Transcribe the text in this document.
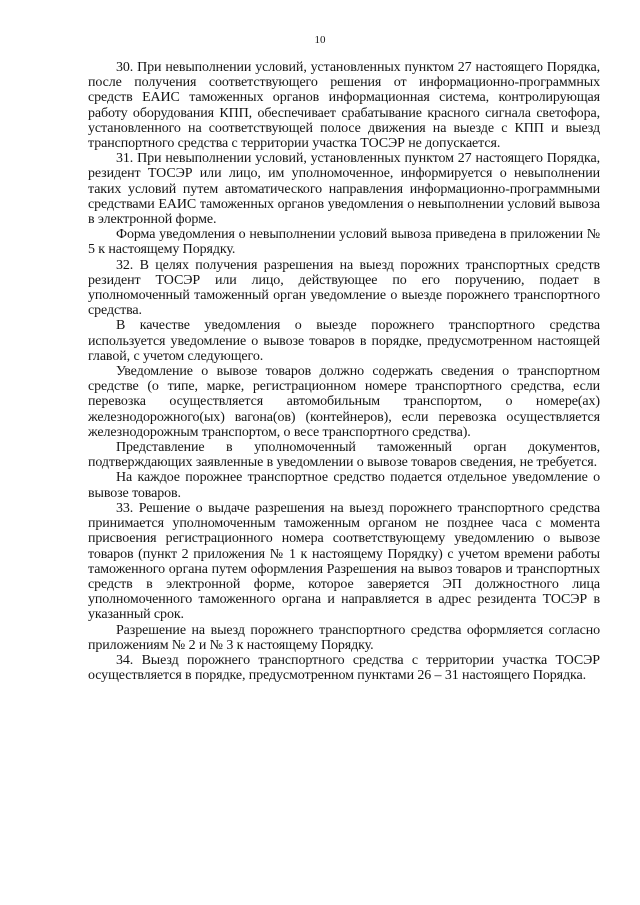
10

30. При невыполнении условий, установленных пунктом 27 настоящего Порядка, после получения соответствующего решения от информационно-программных средств ЕАИС таможенных органов информационная система, контролирующая работу оборудования КПП, обеспечивает срабатывание красного сигнала светофора, установленного на соответствующей полосе движения на выезде с КПП и выезд транспортного средства с территории участка ТОСЭР не допускается.

31. При невыполнении условий, установленных пунктом 27 настоящего Порядка, резидент ТОСЭР или лицо, им уполномоченное, информируется о невыполнении таких условий путем автоматического направления информационно-программными средствами ЕАИС таможенных органов уведомления о невыполнении условий вывоза в электронной форме.

Форма уведомления о невыполнении условий вывоза приведена в приложении № 5 к настоящему Порядку.

32. В целях получения разрешения на выезд порожних транспортных средств резидент ТОСЭР или лицо, действующее по его поручению, подает в уполномоченный таможенный орган уведомление о выезде порожнего транспортного средства.

В качестве уведомления о выезде порожнего транспортного средства используется уведомление о вывозе товаров в порядке, предусмотренном настоящей главой, с учетом следующего.

Уведомление о вывозе товаров должно содержать сведения о транспортном средстве (о типе, марке, регистрационном номере транспортного средства, если перевозка осуществляется автомобильным транспортом, о номере(ах) железнодорожного(ых) вагона(ов) (контейнеров), если перевозка осуществляется железнодорожным транспортом, о весе транспортного средства).

Представление в уполномоченный таможенный орган документов, подтверждающих заявленные в уведомлении о вывозе товаров сведения, не требуется.

На каждое порожнее транспортное средство подается отдельное уведомление о вывозе товаров.

33. Решение о выдаче разрешения на выезд порожнего транспортного средства принимается уполномоченным таможенным органом не позднее часа с момента присвоения регистрационного номера соответствующему уведомлению о вывозе товаров (пункт 2 приложения № 1 к настоящему Порядку) с учетом времени работы таможенного органа путем оформления Разрешения на вывоз товаров и транспортных средств в электронной форме, которое заверяется ЭП должностного лица уполномоченного таможенного органа и направляется в адрес резидента ТОСЭР в указанный срок.

Разрешение на выезд порожнего транспортного средства оформляется согласно приложениям № 2 и № 3 к настоящему Порядку.

34. Выезд порожнего транспортного средства с территории участка ТОСЭР осуществляется в порядке, предусмотренном пунктами 26 – 31 настоящего Порядка.
